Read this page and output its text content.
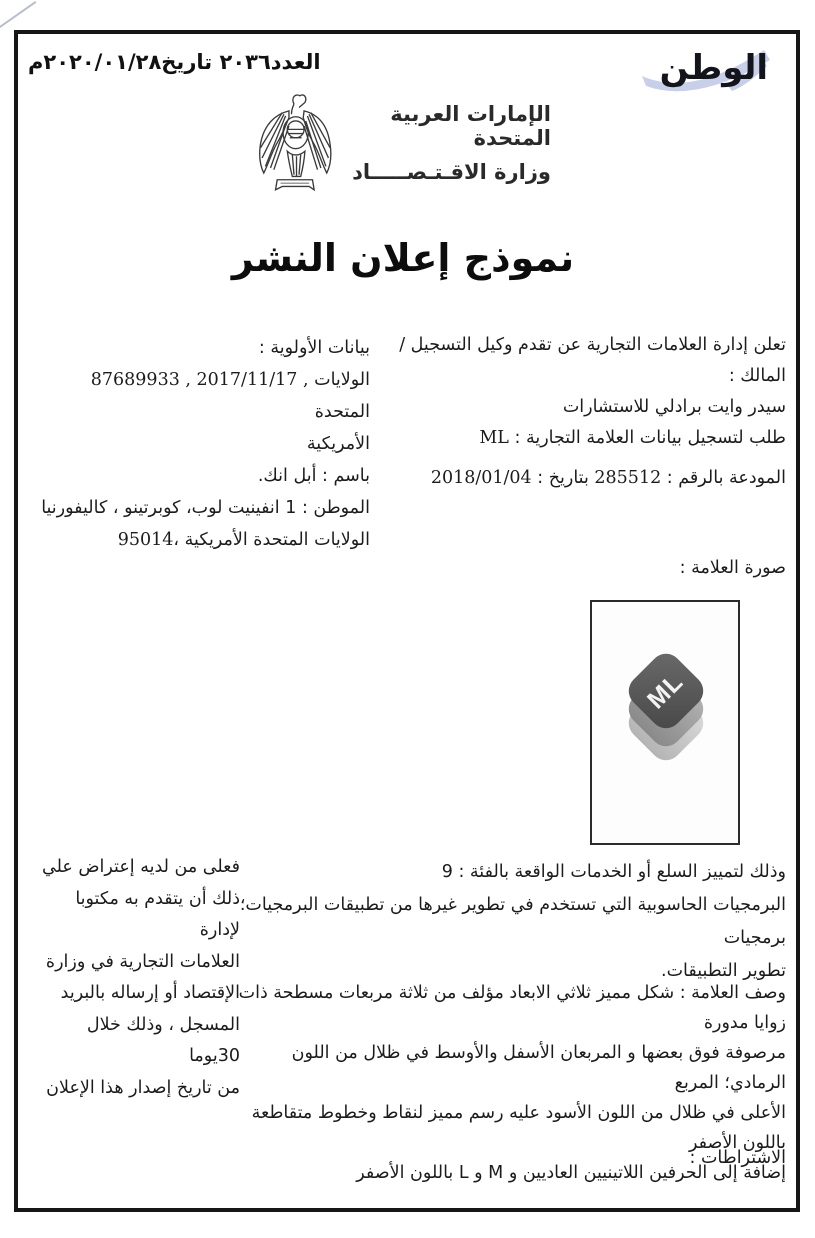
الوطن
العدد٢٠٣٦ تاريخ٢٠٢٠/٠١/٢٨م
الإمارات العربية المتحدة
وزارة الاقـتـصـــــاد
نموذج إعلان النشر
تعلن إدارة العلامات التجارية عن تقدم وكيل التسجيل / المالك :
سيدر وايت برادلي للاستشارات
طلب لتسجيل بيانات العلامة التجارية : ML
المودعة بالرقم : 285512 بتاريخ : 2018/01/04
بيانات الأولوية :
87689933 , 2017/11/17 , الولايات المتحدة
الأمريكية
باسم : أبل انك.
الموطن : 1 انفينيت لوب، كوبرتينو ، كاليفورنيا
95014، الولايات المتحدة الأمريكية
صورة العلامة :
ML
وذلك لتمييز السلع أو الخدمات الواقعة بالفئة : 9
البرمجيات الحاسوبية التي تستخدم في تطوير غيرها من تطبيقات البرمجيات؛ برمجيات
تطوير التطبيقات.
فعلى من لديه إعتراض علي
ذلك أن يتقدم به مكتوبا لإدارة
العلامات التجارية في وزارة
الإقتصاد أو إرساله بالبريد
المسجل ، وذلك خلال 30يوما
من تاريخ إصدار هذا الإعلان
وصف العلامة : شكل مميز ثلاثي الابعاد مؤلف من ثلاثة مربعات مسطحة ذات زوايا مدورة
مرصوفة فوق بعضها و المربعان الأسفل والأوسط في ظلال من اللون الرمادي؛ المربع
الأعلى في ظلال من اللون الأسود عليه رسم مميز لنقاط وخطوط متقاطعة باللون الأصفر
إضافة إلى الحرفين اللاتينيين العاديين و M و L باللون الأصفر
الاشتراطات :
